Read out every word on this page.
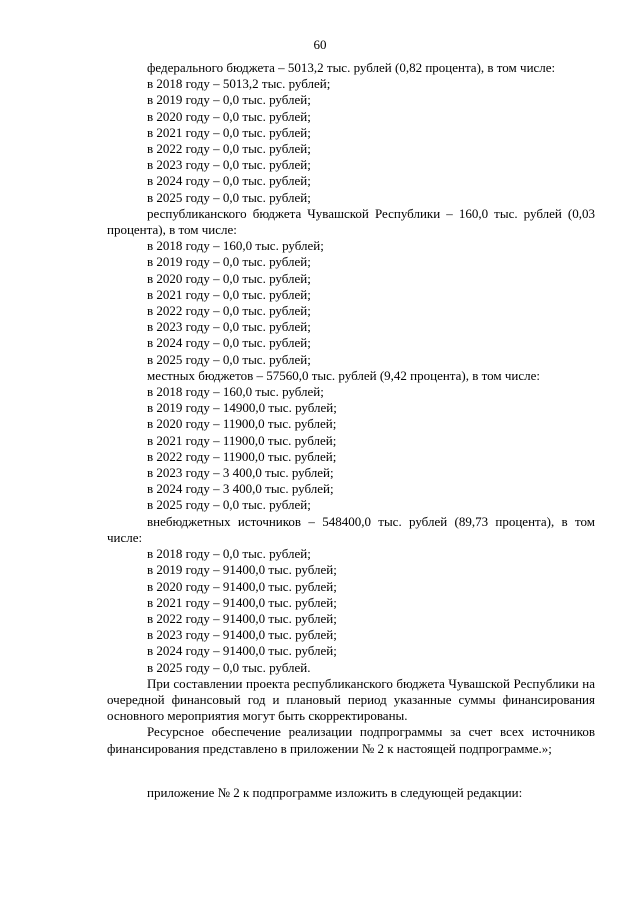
60
федерального бюджета – 5013,2 тыс. рублей (0,82 процента), в том числе:
в 2018 году – 5013,2 тыс. рублей;
в 2019 году – 0,0 тыс. рублей;
в 2020 году – 0,0 тыс. рублей;
в 2021 году – 0,0 тыс. рублей;
в 2022 году – 0,0 тыс. рублей;
в 2023 году – 0,0 тыс. рублей;
в 2024 году – 0,0 тыс. рублей;
в 2025 году – 0,0 тыс. рублей;
республиканского бюджета Чувашской Республики – 160,0 тыс. рублей (0,03 процента), в том числе:
в 2018 году – 160,0 тыс. рублей;
в 2019 году – 0,0 тыс. рублей;
в 2020 году – 0,0 тыс. рублей;
в 2021 году – 0,0 тыс. рублей;
в 2022 году – 0,0 тыс. рублей;
в 2023 году – 0,0 тыс. рублей;
в 2024 году – 0,0 тыс. рублей;
в 2025 году – 0,0 тыс. рублей;
местных бюджетов – 57560,0 тыс. рублей (9,42 процента), в том числе:
в 2018 году – 160,0 тыс. рублей;
в 2019 году – 14900,0 тыс. рублей;
в 2020 году – 11900,0 тыс. рублей;
в 2021 году – 11900,0 тыс. рублей;
в 2022 году – 11900,0 тыс. рублей;
в 2023 году – 3 400,0 тыс. рублей;
в 2024 году – 3 400,0 тыс. рублей;
в 2025 году – 0,0 тыс. рублей;
внебюджетных источников – 548400,0 тыс. рублей (89,73 процента), в том числе:
в 2018 году – 0,0 тыс. рублей;
в 2019 году – 91400,0 тыс. рублей;
в 2020 году – 91400,0 тыс. рублей;
в 2021 году – 91400,0 тыс. рублей;
в 2022 году – 91400,0 тыс. рублей;
в 2023 году – 91400,0 тыс. рублей;
в 2024 году – 91400,0 тыс. рублей;
в 2025 году – 0,0 тыс. рублей.
При составлении проекта республиканского бюджета Чувашской Республики на очередной финансовый год и плановый период указанные суммы финансирования основного мероприятия могут быть скорректированы.
Ресурсное обеспечение реализации подпрограммы за счет всех источников финансирования представлено в приложении № 2 к настоящей подпрограмме.»;
приложение № 2 к подпрограмме изложить в следующей редакции:
